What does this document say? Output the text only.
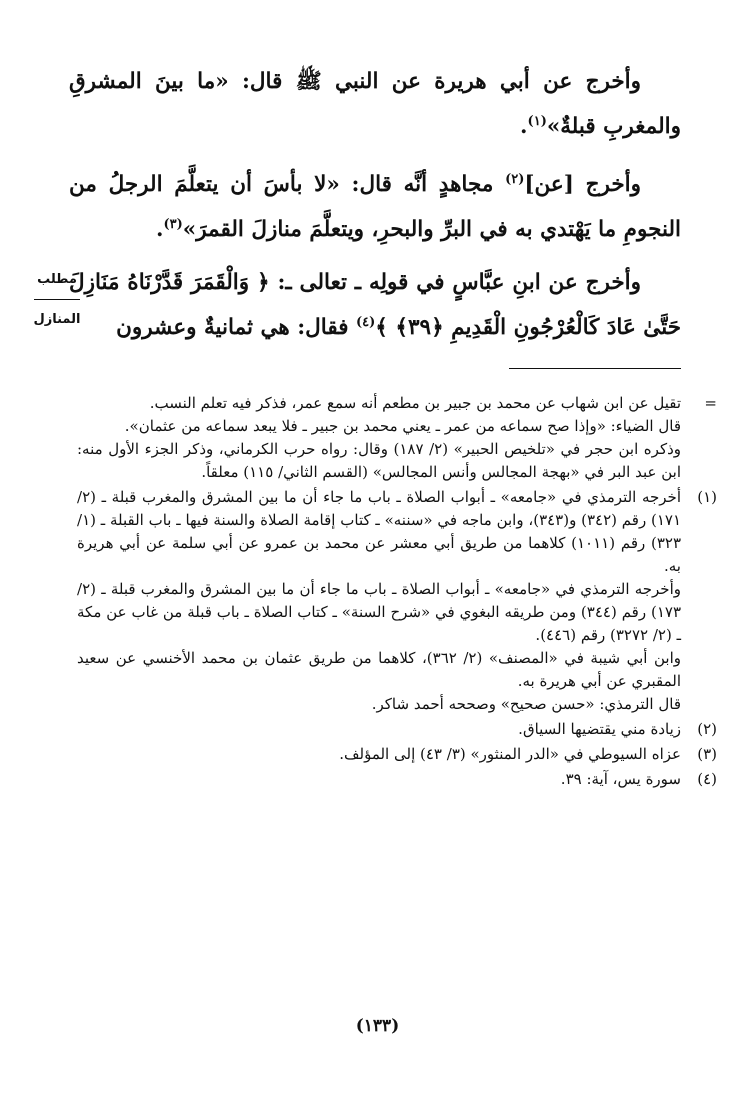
وأخرج عن أبي هريرة عن النبي ﷺ قال: «ما بينَ المشرقِ والمغربِ قبلةٌ»$^{(١)}$.

وأخرج [عن]$^{(٢)}$ مجاهدٍ أنَّه قال: «لا بأسَ أن يتعلَّمَ الرجلُ من النجومِ ما يَهْتدي به في البرِّ والبحرِ، ويتعلَّمَ منازلَ القمرَ»$^{(٣)}$.

وأخرج عن ابنِ عبَّاسٍ في قولِه ـ تعالى ـ: ﴿ وَالْقَمَرَ قَدَّرْنَاهُ مَنَازِلَ حَتَّىٰ عَادَ كَالْعُرْجُونِ الْقَدِيمِ ﴿٣٩﴾ ﴾$^{(٤)}$ فقال: هي ثمانيةٌ وعشرون

مطلب
المنازل
=

تقيل عن ابن شهاب عن محمد بن جبير بن مطعم أنه سمع عمر، فذكر فيه تعلم النسب.

قال الضياء: «وإذا صح سماعه من عمر ـ يعني محمد بن جبير ـ فلا يبعد سماعه من عثمان».

وذكره ابن حجر في «تلخيص الحبير» (٢/ ١٨٧) وقال: رواه حرب الكرماني، وذكر الجزء الأول منه: ابن عبد البر في «بهجة المجالس وأنس المجالس» (القسم الثاني/ ١١٥) معلقاً.

(١)

أخرجه الترمذي في «جامعه» ـ أبواب الصلاة ـ باب ما جاء أن ما بين المشرق والمغرب قبلة ـ (٢/ ١٧١) رقم (٣٤٢) و(٣٤٣)، وابن ماجه في «سننه» ـ كتاب إقامة الصلاة والسنة فيها ـ باب القبلة ـ (١/ ٣٢٣) رقم (١٠١١) كلاهما من طريق أبي معشر عن محمد بن عمرو عن أبي سلمة عن أبي هريرة به.

وأخرجه الترمذي في «جامعه» ـ أبواب الصلاة ـ باب ما جاء أن ما بين المشرق والمغرب قبلة ـ (٢/ ١٧٣) رقم (٣٤٤) ومن طريقه البغوي في «شرح السنة» ـ كتاب الصلاة ـ باب قبلة من غاب عن مكة ـ (٢/ ٣٢٧٢) رقم (٤٤٦).

وابن أبي شيبة في «المصنف» (٢/ ٣٦٢)، كلاهما من طريق عثمان بن محمد الأخنسي عن سعيد المقبري عن أبي هريرة به.

قال الترمذي: «حسن صحيح» وصححه أحمد شاكر.

(٢)

زيادة مني يقتضيها السياق.

(٣)

عزاه السيوطي في «الدر المنثور» (٣/ ٤٣) إلى المؤلف.

(٤)

سورة يس، آية: ٣٩.

(١٣٣)
